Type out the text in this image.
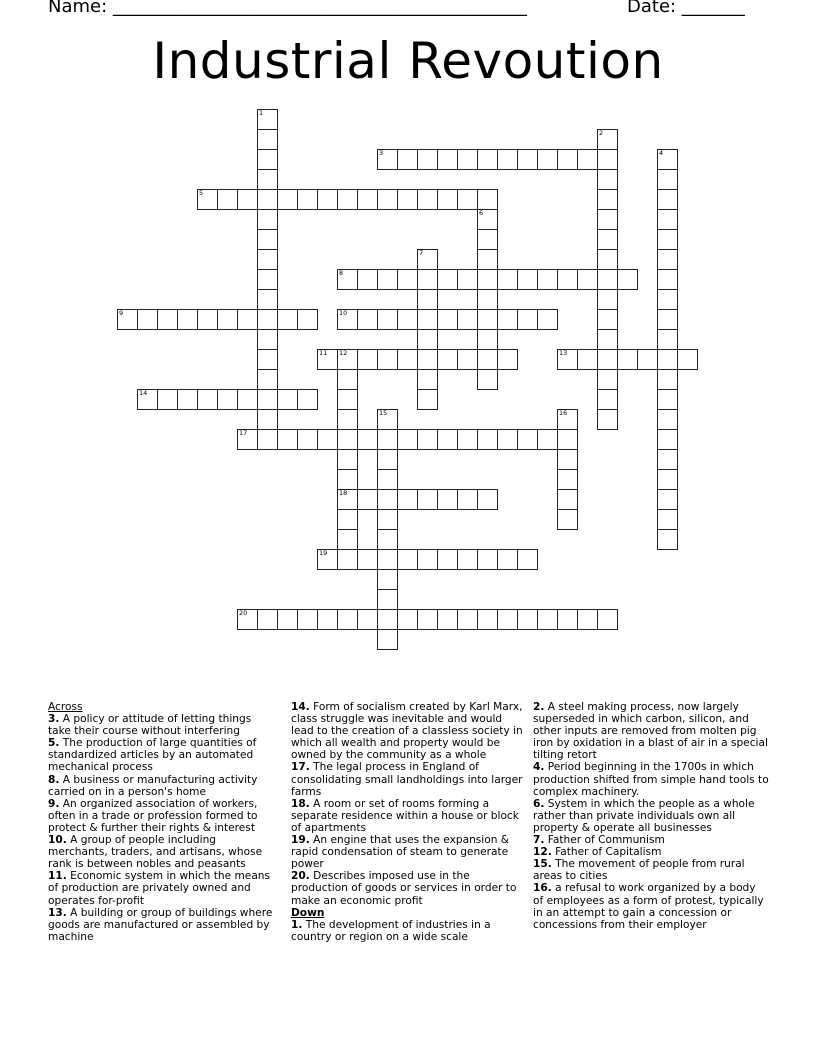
Name: ______________________________________________	Date: _______
Industrial Revoution
1
2
3	4
5
6
7
8
9	10
11 12
18
13
14
15	16
17
19
20
Across
3. A policy or attitude of letting things take their course without interfering
5. The production of large quantities of standardized articles by an automated mechanical process
8. A business or manufacturing activity carried on in a person's home
9. An organized association of workers, often in a trade or profession formed to protect & further their rights & interest
10. A group of people including merchants, traders, and artisans, whose rank is between nobles and peasants
11. Economic system in which the means of production are privately owned and operates for-profit
13. A building or group of buildings where goods are manufactured or assembled by machine
14. Form of socialism created by Karl Marx, class struggle was inevitable and would lead to the creation of a classless society in which all wealth and property would be owned by the community as a whole
17. The legal process in England of consolidating small landholdings into larger farms
18. A room or set of rooms forming a separate residence within a house or block of apartments
19. An engine that uses the expansion & rapid condensation of steam to generate power
20. Describes imposed use in the production of goods or services in order to make an economic profit
Down
1. The development of industries in a country or region on a wide scale
2. A steel making process, now largely superseded in which carbon, silicon, and other inputs are removed from molten pig iron by oxidation in a blast of air in a special tilting retort
4. Period beginning in the 1700s in which production shifted from simple hand tools to complex machinery.
6. System in which the people as a whole rather than private individuals own all property & operate all businesses
7. Father of Communism
12. Father of Capitalism
15. The movement of people from rural areas to cities
16. a refusal to work organized by a body of employees as a form of protest, typically in an attempt to gain a concession or concessions from their employer
